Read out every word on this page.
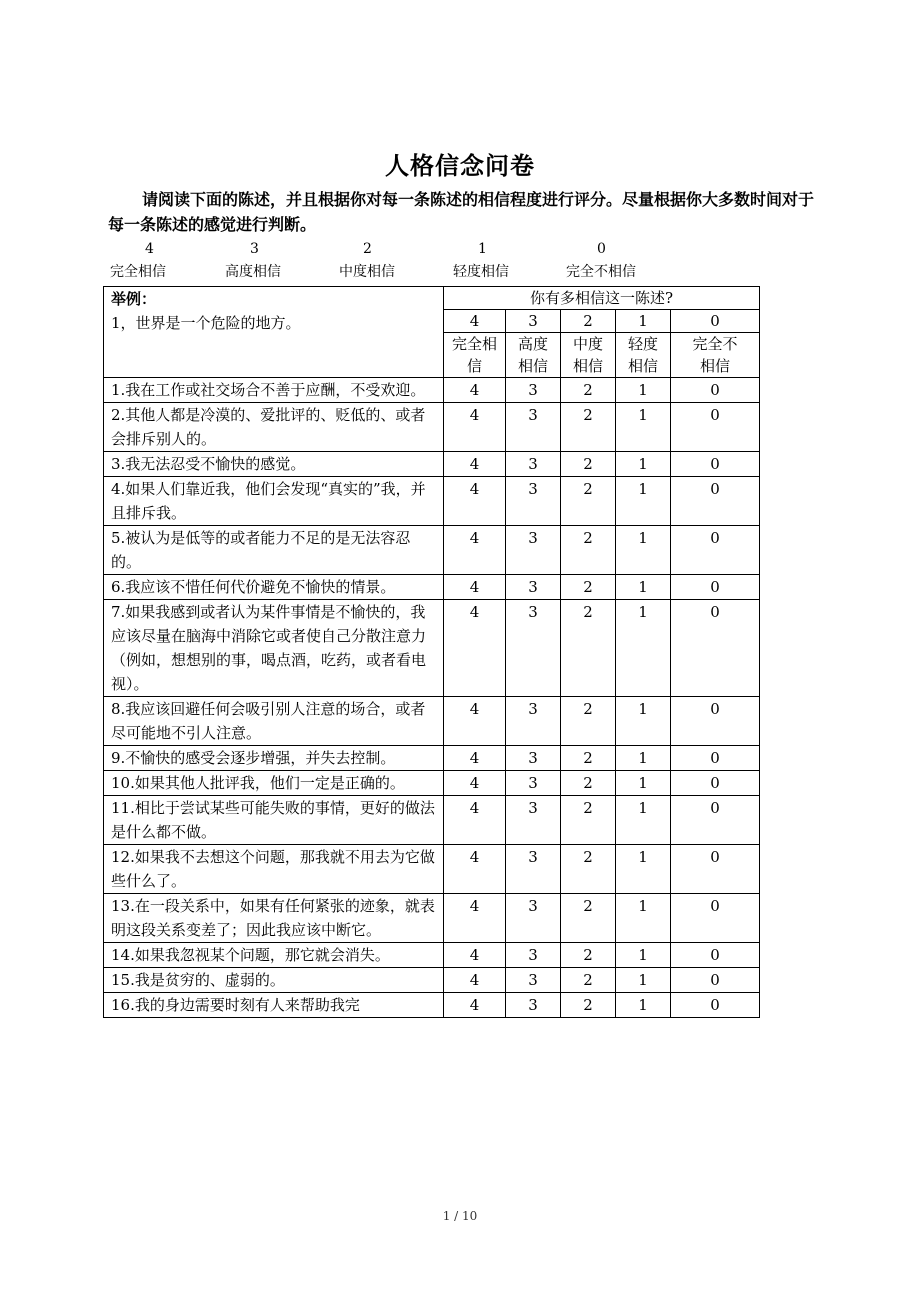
人格信念问卷
请阅读下面的陈述，并且根据你对每一条陈述的相信程度进行评分。尽量根据你大多数时间对于每一条陈述的感觉进行判断。
4	3	2	1	0
完全相信	高度相信	中度相信	轻度相信	完全不相信
举例：
1，世界是一个危险的地方。	你有多相信这一陈述?				
	4	3	2	1	0
	完全相信	高度相信	中度相信	轻度相信	完全不相信
1.我在工作或社交场合不善于应酬，不受欢迎。	4	3	2	1	0
2.其他人都是冷漠的、爱批评的、贬低的、或者会排斥别人的。	4	3	2	1	0
3.我无法忍受不愉快的感觉。	4	3	2	1	0
4.如果人们靠近我，他们会发现“真实的”我，并且排斥我。	4	3	2	1	0
5.被认为是低等的或者能力不足的是无法容忍的。	4	3	2	1	0
6.我应该不惜任何代价避免不愉快的情景。	4	3	2	1	0
7.如果我感到或者认为某件事情是不愉快的，我应该尽量在脑海中消除它或者使自己分散注意力（例如，想想别的事，喝点酒，吃药，或者看电视）。	4	3	2	1	0
8.我应该回避任何会吸引别人注意的场合，或者尽可能地不引人注意。	4	3	2	1	0
9.不愉快的感受会逐步增强，并失去控制。	4	3	2	1	0
10.如果其他人批评我，他们一定是正确的。	4	3	2	1	0
11.相比于尝试某些可能失败的事情，更好的做法是什么都不做。	4	3	2	1	0
12.如果我不去想这个问题，那我就不用去为它做些什么了。	4	3	2	1	0
13.在一段关系中，如果有任何紧张的迹象，就表明这段关系变差了；因此我应该中断它。	4	3	2	1	0
14.如果我忽视某个问题，那它就会消失。	4	3	2	1	0
15.我是贫穷的、虚弱的。	4	3	2	1	0
16.我的身边需要时刻有人来帮助我完	4	3	2	1	0
1 / 10
